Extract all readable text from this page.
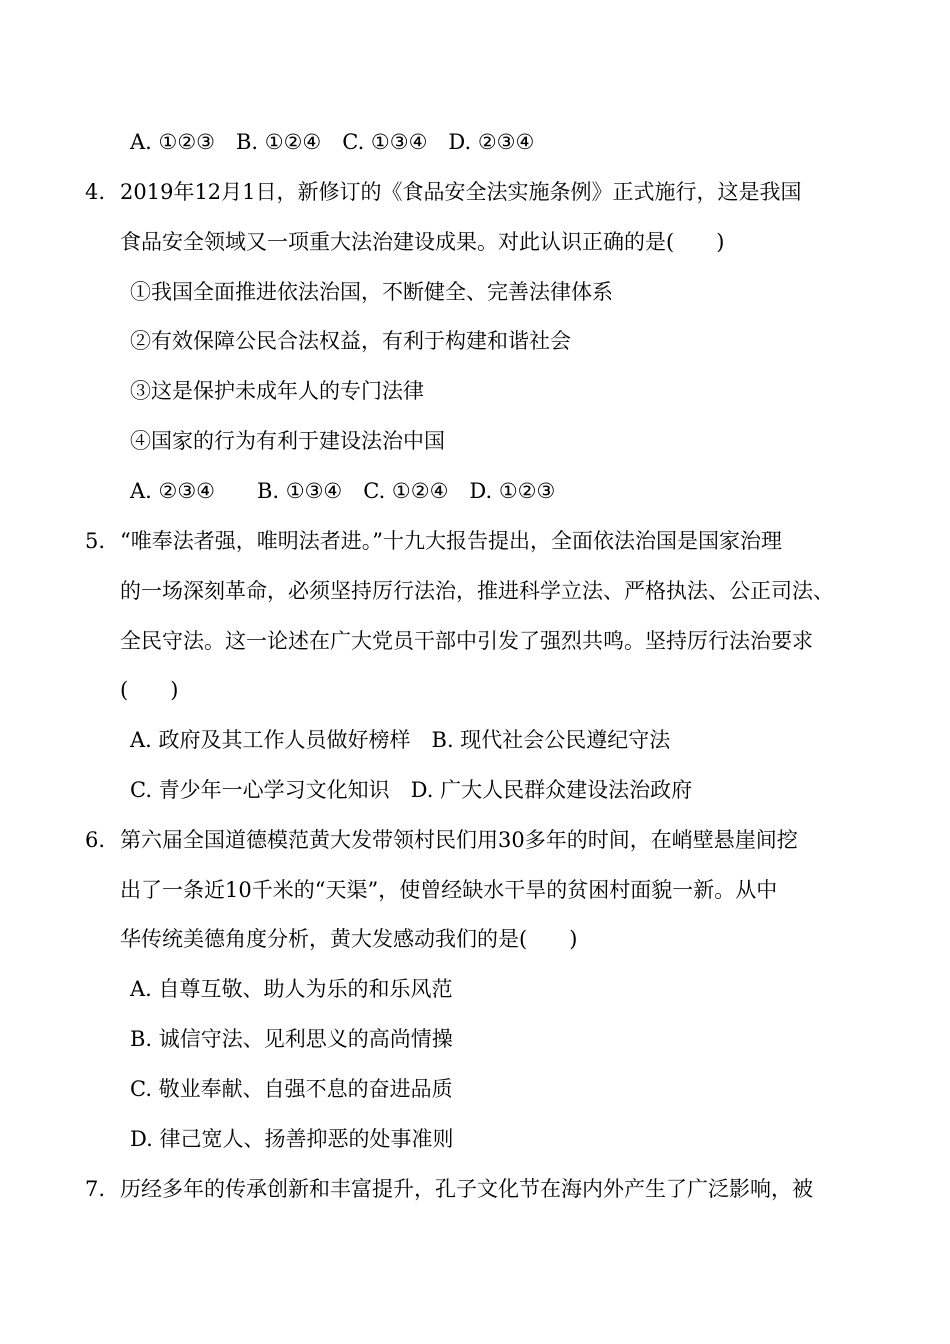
A. ①②③　B. ①②④　C. ①③④　D. ②③④
4. 2019年12月1日，新修订的《食品安全法实施条例》正式施行，这是我国
食品安全领域又一项重大法治建设成果。对此认识正确的是(　　)
①我国全面推进依法治国，不断健全、完善法律体系
②有效保障公民合法权益，有利于构建和谐社会
③这是保护未成年人的专门法律
④国家的行为有利于建设法治中国
A. ②③④　　B. ①③④　C. ①②④　D. ①②③
5. “唯奉法者强，唯明法者进。”十九大报告提出，全面依法治国是国家治理
的一场深刻革命，必须坚持厉行法治，推进科学立法、严格执法、公正司法、
全民守法。这一论述在广大党员干部中引发了强烈共鸣。坚持厉行法治要求
(　　)
A. 政府及其工作人员做好榜样　B. 现代社会公民遵纪守法
C. 青少年一心学习文化知识　D. 广大人民群众建设法治政府
6. 第六届全国道德模范黄大发带领村民们用30多年的时间，在峭壁悬崖间挖
出了一条近10千米的“天渠”，使曾经缺水干旱的贫困村面貌一新。从中
华传统美德角度分析，黄大发感动我们的是(　　)
A. 自尊互敬、助人为乐的和乐风范
B. 诚信守法、见利思义的高尚情操
C. 敬业奉献、自强不息的奋进品质
D. 律己宽人、扬善抑恶的处事准则
7. 历经多年的传承创新和丰富提升，孔子文化节在海内外产生了广泛影响，被
